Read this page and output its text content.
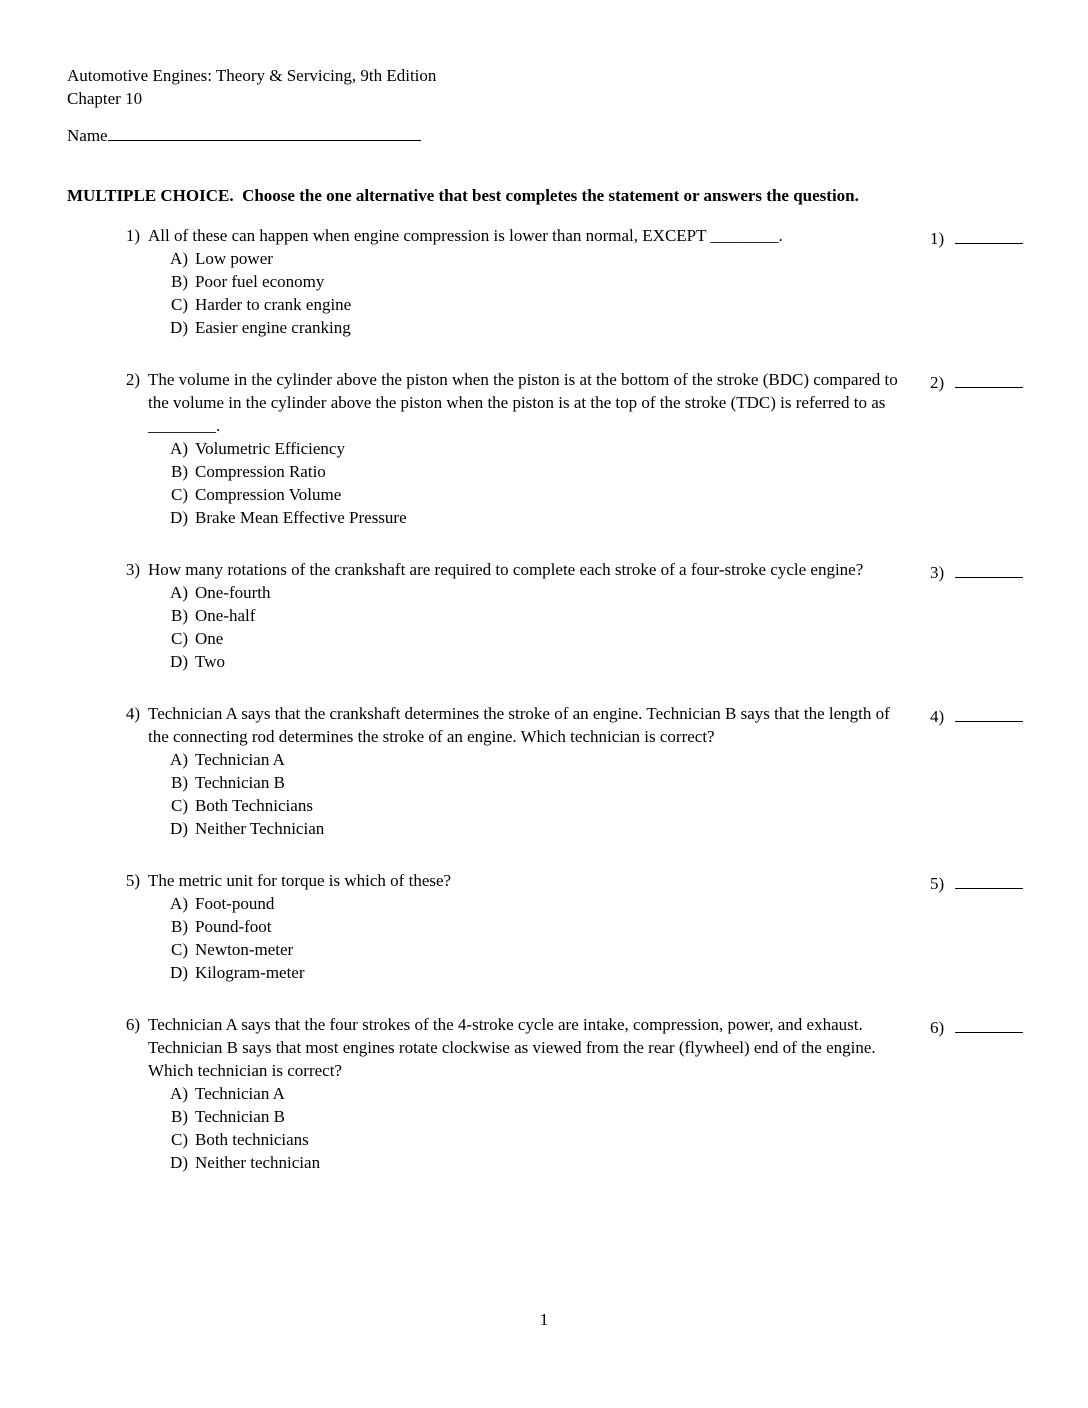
Automotive Engines: Theory & Servicing, 9th Edition
Chapter 10
Name
MULTIPLE CHOICE.  Choose the one alternative that best completes the statement or answers the question.
1) All of these can happen when engine compression is lower than normal, EXCEPT ________.	1)
A) Low power
B) Poor fuel economy
C) Harder to crank engine
D) Easier engine cranking
2) The volume in the cylinder above the piston when the piston is at the bottom of the stroke (BDC) compared to the volume in the cylinder above the piston when the piston is at the top of the stroke (TDC) is referred to as ________.
2)
A) Volumetric Efficiency
B) Compression Ratio
C) Compression Volume
D) Brake Mean Effective Pressure
3) How many rotations of the crankshaft are required to complete each stroke of a four-stroke cycle engine?	3)
A) One-fourth
B) One-half
C) One
D) Two
4) Technician A says that the crankshaft determines the stroke of an engine. Technician B says that the length of the connecting rod determines the stroke of an engine. Which technician is correct?
4)
A) Technician A
B) Technician B
C) Both Technicians
D) Neither Technician
5) The metric unit for torque is which of these?	5)
A) Foot-pound
B) Pound-foot
C) Newton-meter
D) Kilogram-meter
6) Technician A says that the four strokes of the 4-stroke cycle are intake, compression, power, and exhaust. Technician B says that most engines rotate clockwise as viewed from the rear (flywheel) end of the engine. Which technician is correct?
6)
A) Technician A
B) Technician B
C) Both technicians
D) Neither technician
1
